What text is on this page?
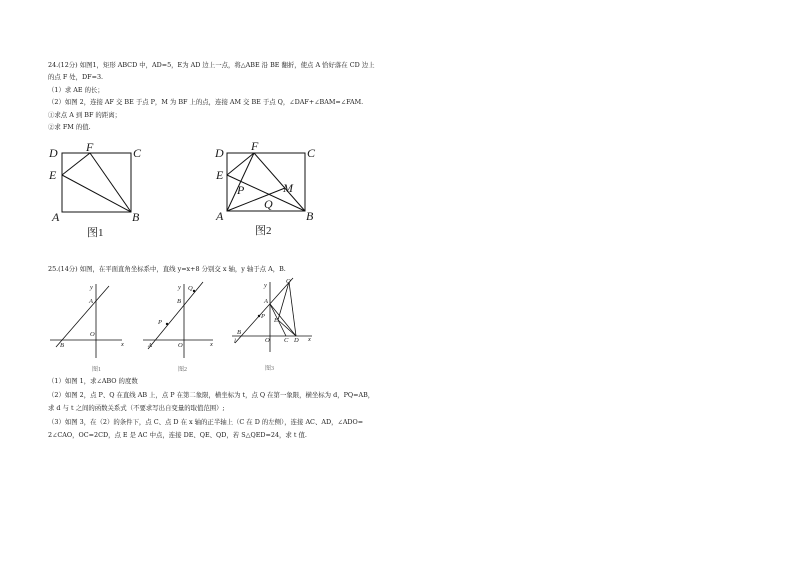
24.(12分) 如图1，矩形 ABCD 中，AD=5，E为 AD 边上一点，将△ABE 沿 BE 翻折，使点 A 恰好落在 CD 边上
的点 F 处，DF=3.
（1）求 AE 的长；
（2）如图 2，连接 AF 交 BE 于点 P，M 为 BF 上的点，连接 AM 交 BE 于点 Q，∠DAF+∠BAM=∠FAM.
①求点 A 到 BF 的距离；
②求 FM 的值.
D F	C
E
A	B
图1
D F	C
E
P	M
Q
A	B
图2
25.(14分) 如图，在平面直角坐标系中，直线 y=x+8 分别交 x 轴，y 轴于点 A，B.
y
A
O
B	x
图1
y Q
B
P
A	O	x
图2
y
Q
A
P
E
B
l	O C D x
图3
（1）如图 1，求∠ABO 的度数
（2）如图 2，点 P、Q 在直线 AB 上，点 P 在第二象限，横坐标为 t，点 Q 在第一象限，横坐标为 d，PQ=AB，
求 d 与 t 之间的函数关系式（不要求写出自变量的取值范围）;
（3）如图 3，在（2）的条件下，点 C、点 D 在 x 轴的正半轴上（C 在 D 的左侧），连接 AC、AD，∠ADO=
2∠CAO，OC=2CD，点 E 是 AC 中点，连接 DE、QE、QD，若 S△QED=24，求 t 值.
